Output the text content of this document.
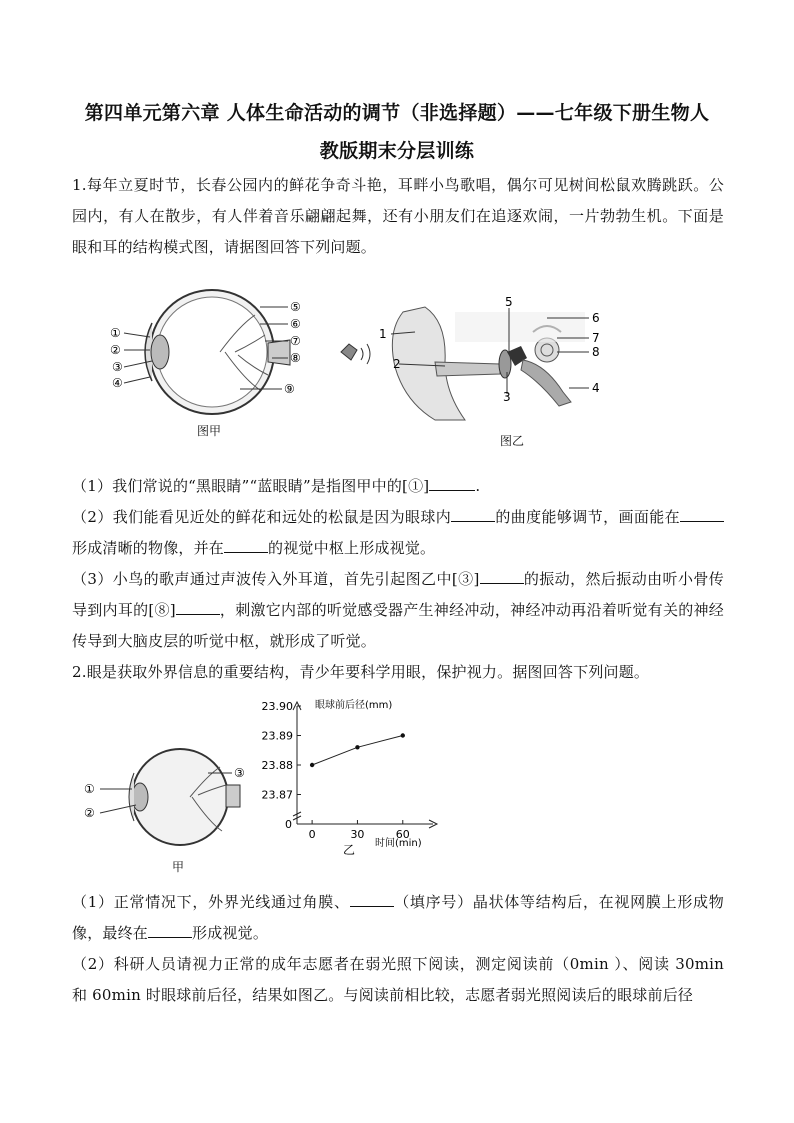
第四单元第六章 人体生命活动的调节（非选择题）——七年级下册生物人
教版期末分层训练
1.每年立夏时节，长春公园内的鲜花争奇斗艳，耳畔小鸟歌唱，偶尔可见树间松鼠欢腾跳跃。公园内，有人在散步，有人伴着音乐翩翩起舞，还有小朋友们在追逐欢闹，一片勃勃生机。下面是眼和耳的结构模式图，请据图回答下列问题。
①
②
③
④
⑤
⑥
⑦
⑧
⑨
图甲
1
2
3
4
5
6
7
8
图乙
（1）我们常说的“黑眼睛”“蓝眼睛”是指图甲中的[①]	.
（2）我们能看见近处的鲜花和远处的松鼠是因为眼球内	的曲度能够调节，画面能在形成清晰的物像，并在	的视觉中枢上形成视觉。
（3）小鸟的歌声通过声波传入外耳道，首先引起图乙中[③]	的振动，然后振动由听小骨传导到内耳的[⑧]	，刺激它内部的听觉感受器产生神经冲动，神经冲动再沿着听觉有关的神经传导到大脑皮层的听觉中枢，就形成了听觉。
2.眼是获取外界信息的重要结构，青少年要科学用眼，保护视力。据图回答下列问题。
①
②
③
甲
眼球前后径(mm)
时间(min)
乙
0
23.90
23.89
23.88
23.87
0	30	60
（1）正常情况下，外界光线通过角膜、	（填序号）晶状体等结构后，在视网膜上形成物像，最终在	形成视觉。
（2）科研人员请视力正常的成年志愿者在弱光照下阅读，测定阅读前（0min ）、阅读 30min 和 60min 时眼球前后径，结果如图乙。与阅读前相比较，志愿者弱光照阅读后的眼球前后径
